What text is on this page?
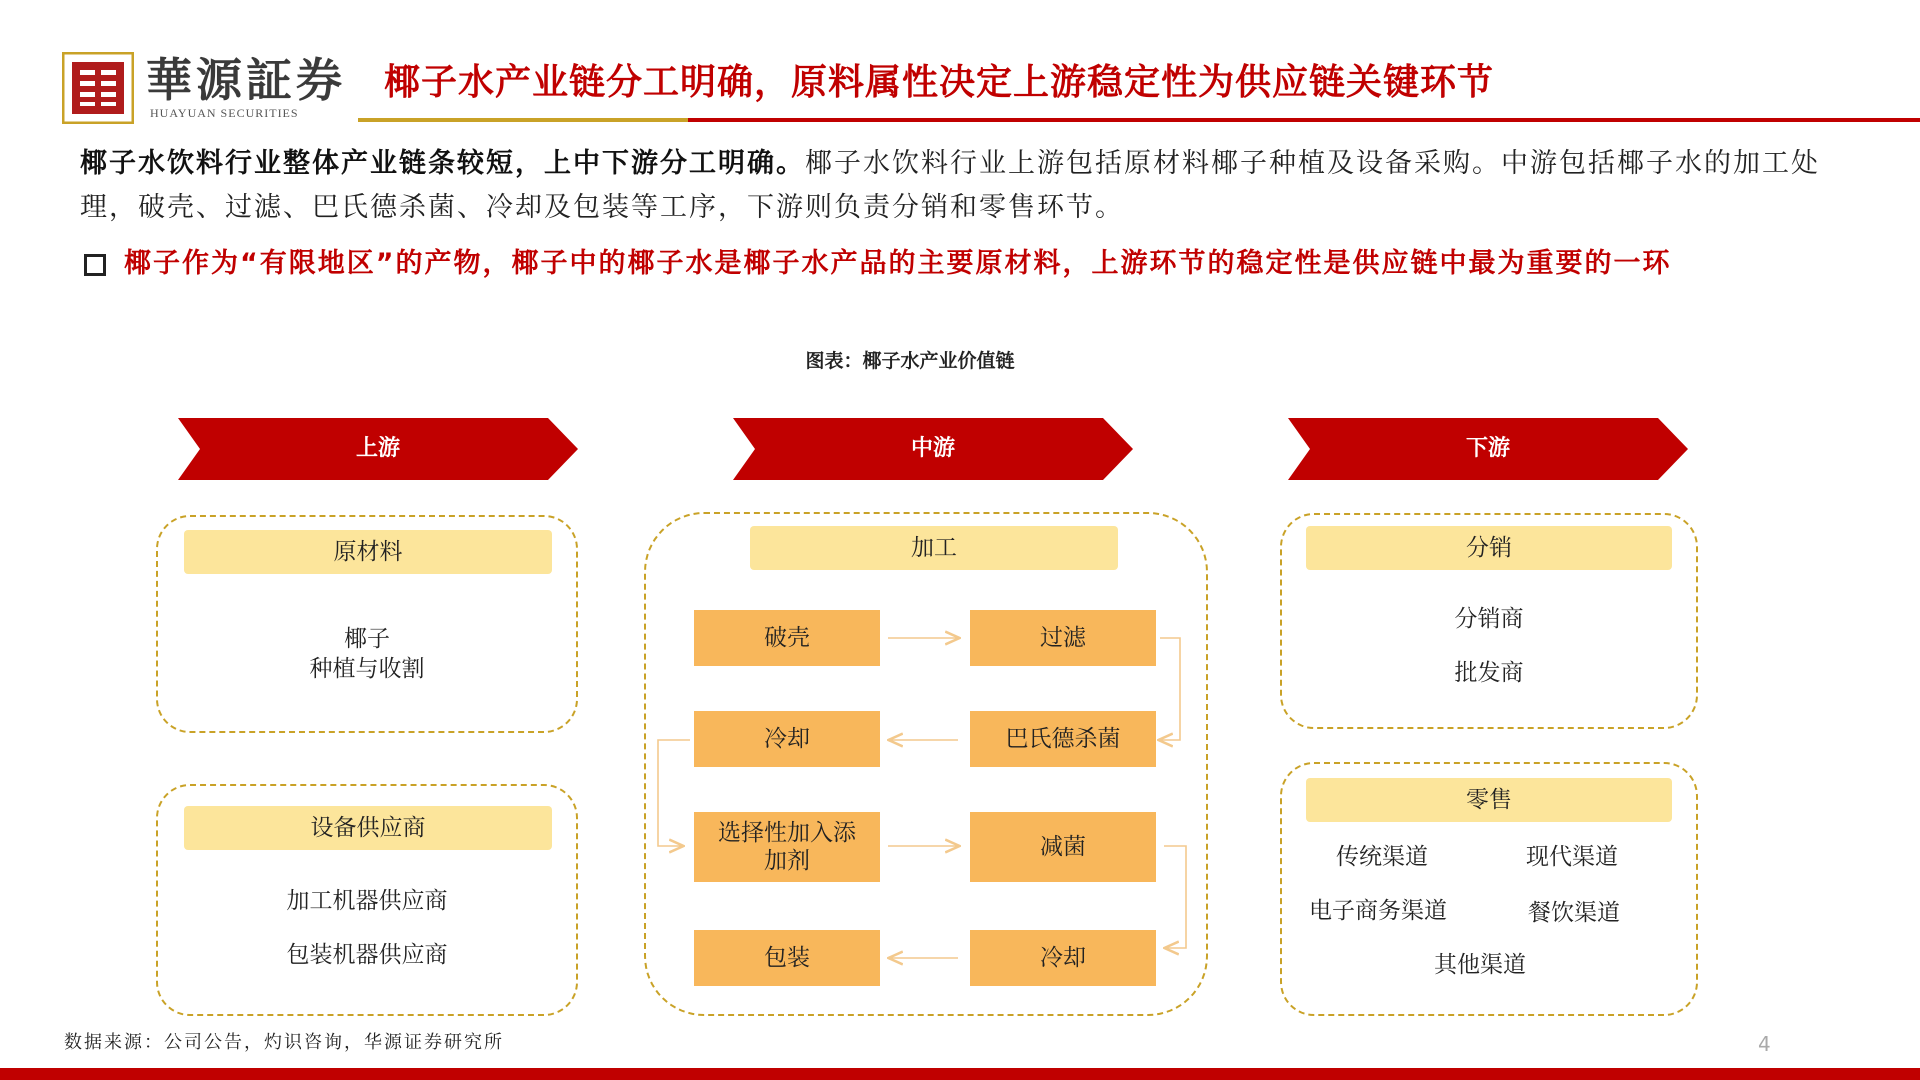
華源証券
HUAYUAN SECURITIES
椰子水产业链分工明确，原料属性决定上游稳定性为供应链关键环节
椰子水饮料行业整体产业链条较短，上中下游分工明确。椰子水饮料行业上游包括原材料椰子种植及设备采购。中游包括椰子水的加工处理，破壳、过滤、巴氏德杀菌、冷却及包装等工序，下游则负责分销和零售环节。
椰子作为“有限地区”的产物，椰子中的椰子水是椰子水产品的主要原材料，上游环节的稳定性是供应链中最为重要的一环
图表：椰子水产业价值链
上游	中游	下游
原材料
椰子
种植与收割
设备供应商
加工机器供应商
包装机器供应商
加工
破壳	过滤
冷却	巴氏德杀菌
选择性加入添加剂
减菌
包装	冷却
分销
分销商
批发商
零售
传统渠道	现代渠道
电子商务渠道	餐饮渠道
其他渠道
数据来源：公司公告，灼识咨询，华源证券研究所	4
